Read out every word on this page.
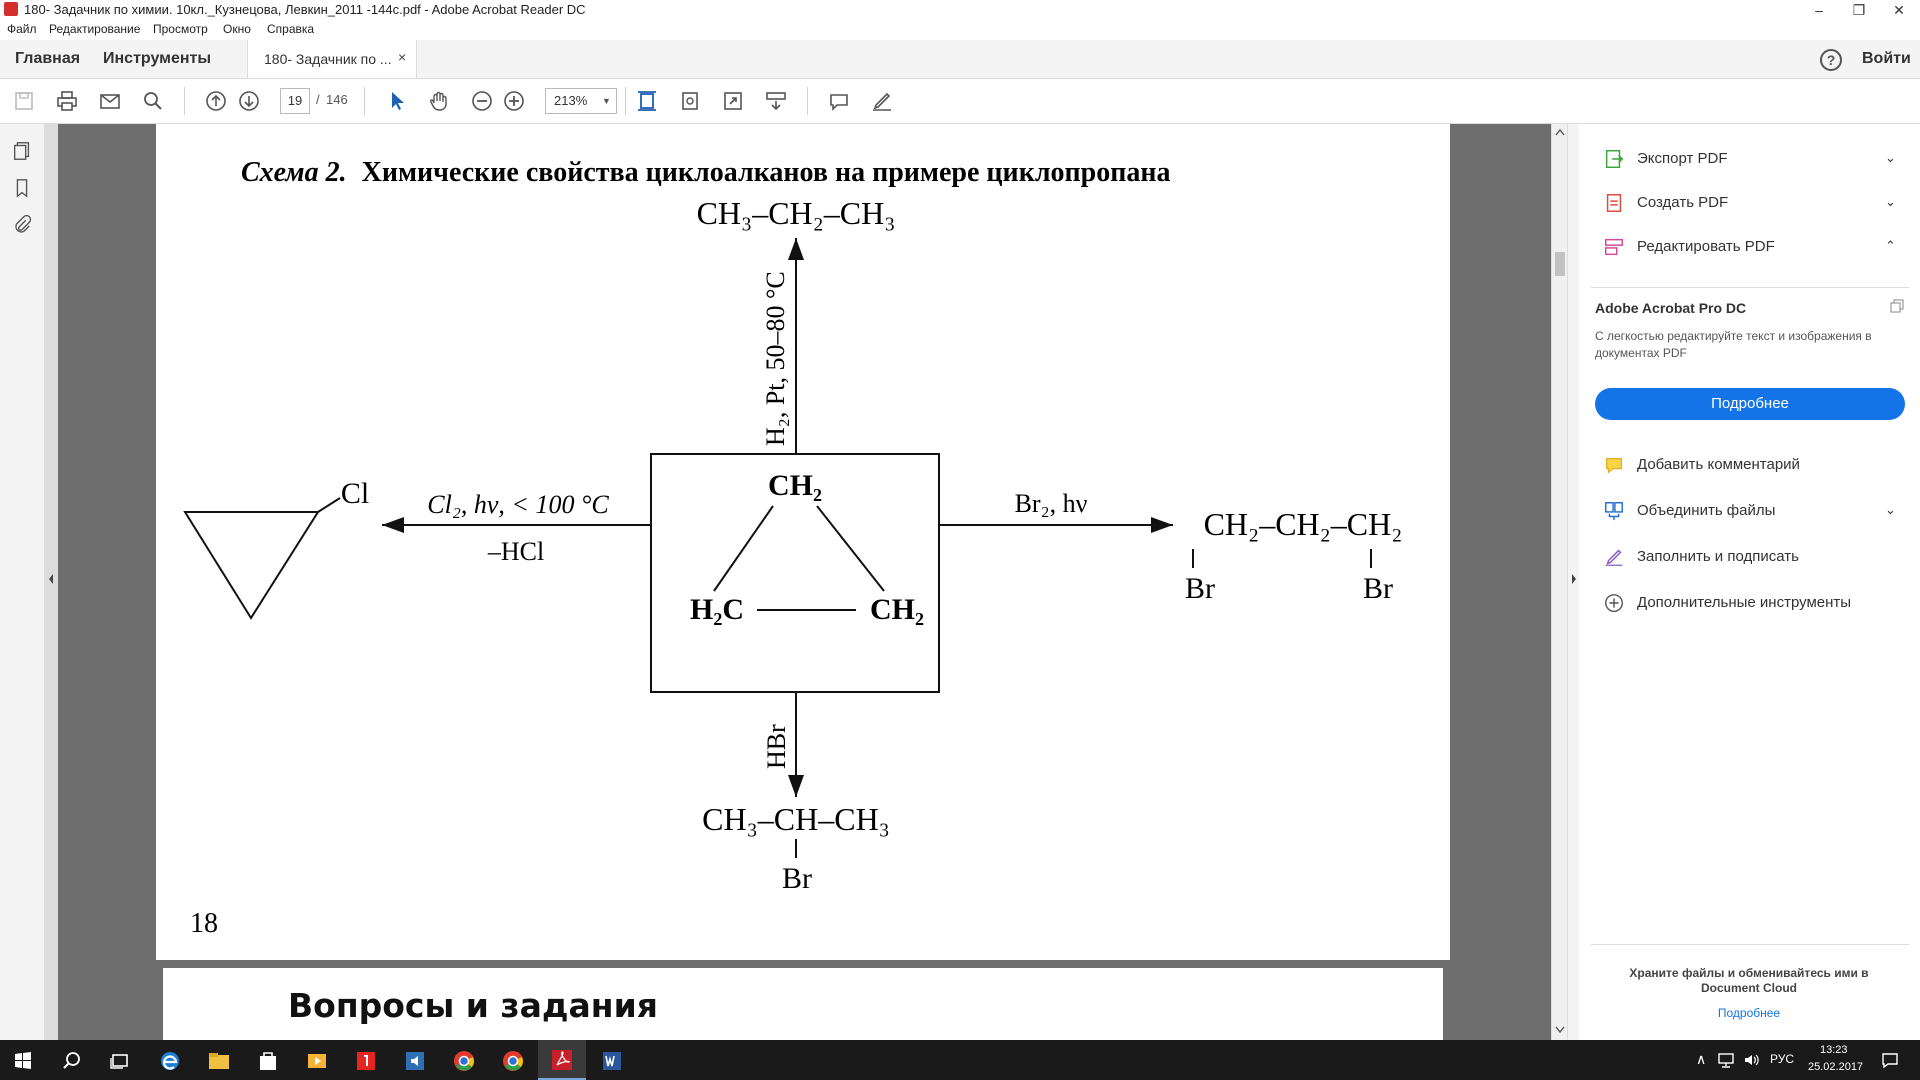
180- Задачник по химии. 10кл._Кузнецова, Левкин_2011 -144с.pdf - Adobe Acrobat Reader DC	–	❐	✕
Файл Редактирование Просмотр Окно Справка
Главная Инструменты	180- Задачник по ... ×	?	Войти
19	/ 146	213% ▼
Схема 2. Химические свойства циклоалканов на примере циклопропана
CH₃–CH₂–CH₃
H₂, Pt, 50–80 °C
CH₂
H₂C	CH₂
Cl₂, hν, < 100 °C
–HCl
Cl	Br₂, hν
CH₂–CH₂–CH₂
Br	Br
HBr
CH₃–CH–CH₃
Br
18
Вопросы и задания
Экспорт PDF	⌄
Создать PDF	⌄
Редактировать PDF	⌃
Adobe Acrobat Pro DC
С легкостью редактируйте текст и изображения в документах PDF
Подробнее
Добавить комментарий
Объединить файлы	⌄
Заполнить и подписать
Дополнительные инструменты
Храните файлы и обменивайтесь ими в Document Cloud
Подробнее
∧	РУС
13:23
25.02.2017
